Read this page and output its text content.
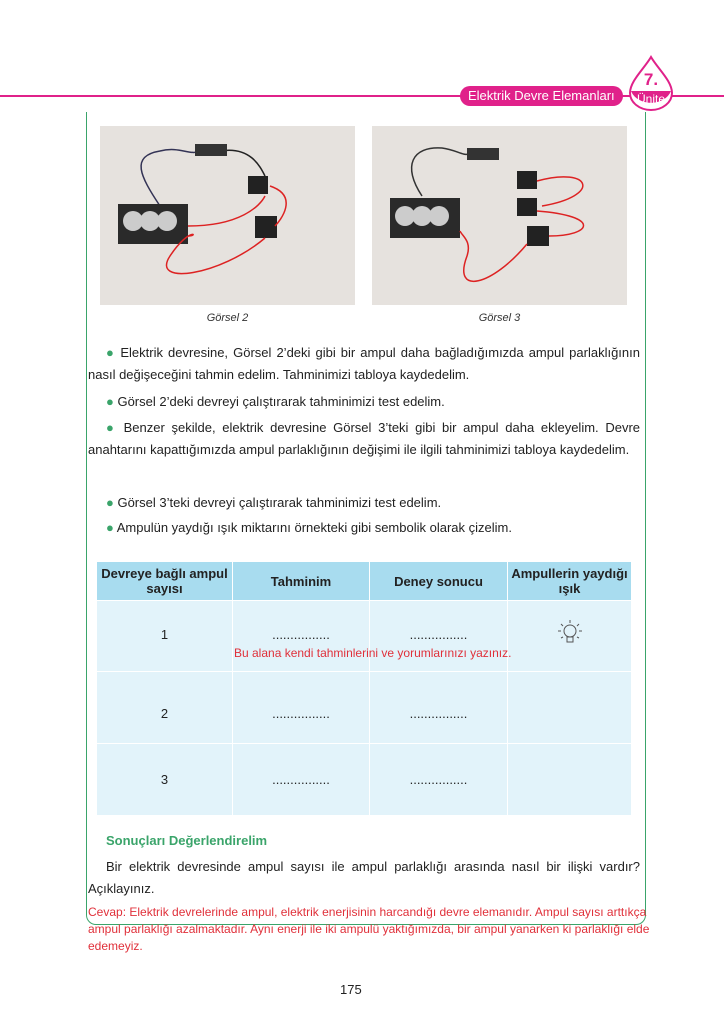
Elektrik Devre Elemanları
7.
Ünite
Görsel 2	Görsel 3
● Elektrik devresine, Görsel 2’deki gibi bir ampul daha bağladığımızda ampul parlaklığının nasıl değişeceğini tahmin edelim. Tahminimizi tabloya kaydedelim.
● Görsel 2’deki devreyi çalıştırarak tahminimizi test edelim.
● Benzer şekilde, elektrik devresine Görsel 3’teki gibi bir ampul daha ekleyelim. Devre anahtarını kapattığımızda ampul parlaklığının değişimi ile ilgili tahminimizi tabloya kaydedelim.
● Görsel 3’teki devreyi çalıştırarak tahminimizi test edelim.
● Ampulün yaydığı ışık miktarını örnekteki gibi sembolik olarak çizelim.
Devreye bağlı ampul sayısı	Tahminim	Deney sonucu	Ampullerin yaydığı ışık
1	................	................	
2	................	................	
3	................	................	
Bu alana kendi tahminlerini ve yorumlarınızı yazınız.
Sonuçları Değerlendirelim
Bir elektrik devresinde ampul sayısı ile ampul parlaklığı arasında nasıl bir ilişki vardır? Açıklayınız.
Cevap: Elektrik devrelerinde ampul, elektrik enerjisinin harcandığı devre elemanıdır. Ampul sayısı arttıkça ampul parlaklığı azalmaktadır. Aynı enerji ile iki ampulü yaktığımızda, bir ampul yanarken ki parlaklığı elde edemeyiz.
175
